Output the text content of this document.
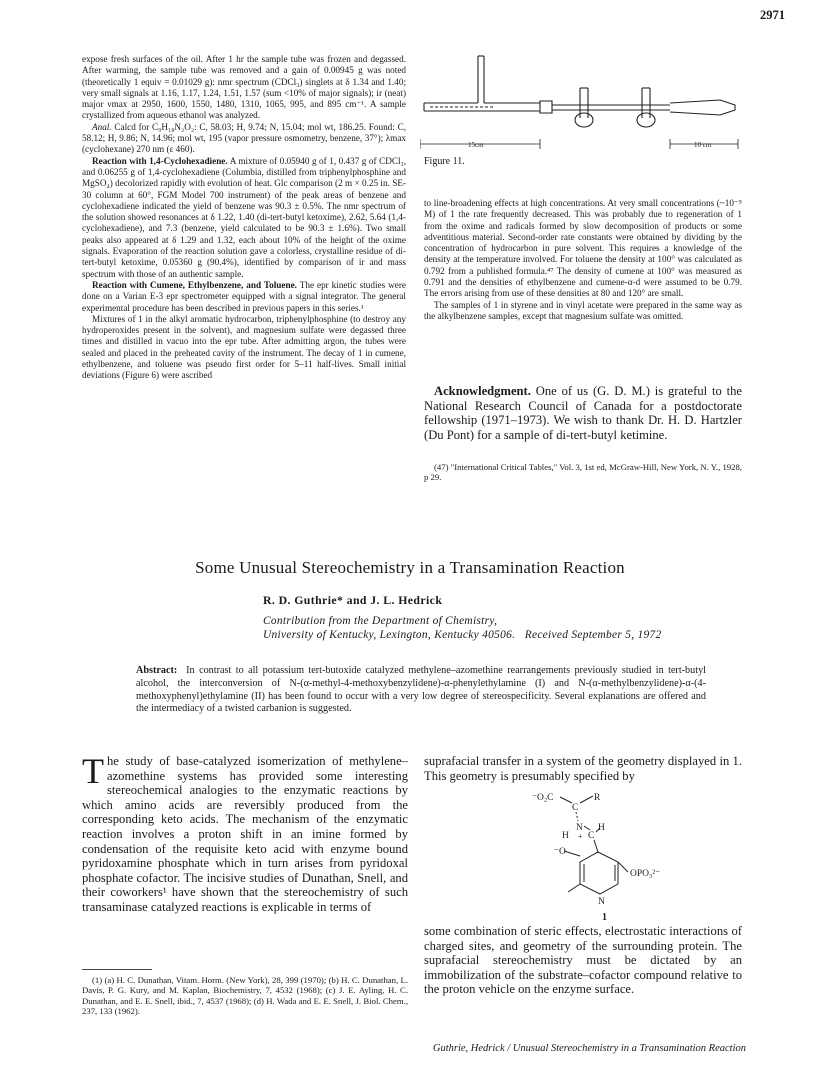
2971

expose fresh surfaces of the oil. After 1 hr the sample tube was frozen and degassed. After warming, the sample tube was removed and a gain of 0.00945 g was noted (theoretically 1 equiv = 0.01029 g): nmr spectrum (CDCl₃) singlets at δ 1.34 and 1.40; very small signals at 1.16, 1.17, 1.24, 1.51, 1.57 (sum <10% of major signals); ir (neat) major νmax at 2950, 1600, 1550, 1480, 1310, 1065, 995, and 895 cm⁻¹. A sample crystallized from aqueous ethanol was analyzed.

Anal. Calcd for C₉H₁₈N₂O₂: C, 58.03; H, 9.74; N, 15.04; mol wt, 186.25. Found: C, 58.12; H, 9.86; N, 14.96; mol wt, 195 (vapor pressure osmometry, benzene, 37°); λmax (cyclohexane) 270 nm (ε 460).

Reaction with 1,4-Cyclohexadiene. A mixture of 0.05940 g of 1, 0.437 g of CDCl₃, and 0.06255 g of 1,4-cyclohexadiene (Columbia, distilled from triphenylphosphine and MgSO₄) decolorized rapidly with evolution of heat. Glc comparison (2 m × 0.25 in. SE-30 column at 60°, FGM Model 700 instrument) of the peak areas of benzene and cyclohexadiene indicated the yield of benzene was 90.3 ± 0.5%. The nmr spectrum of the solution showed resonances at δ 1.22, 1.40 (di-tert-butyl ketoxime), 2.62, 5.64 (1,4-cyclohexadiene), and 7.3 (benzene, yield calculated to be 90.3 ± 1.6%). Two small peaks also appeared at δ 1.29 and 1.32, each about 10% of the height of the oxime signals. Evaporation of the reaction solution gave a colorless, crystalline residue of di-tert-butyl ketoxime, 0.05360 g (90.4%), identified by comparison of ir and mass spectrum with those of an authentic sample.

Reaction with Cumene, Ethylbenzene, and Toluene. The epr kinetic studies were done on a Varian E-3 epr spectrometer equipped with a signal integrator. The general experimental procedure has been described in previous papers in this series.¹

Mixtures of 1 in the alkyl aromatic hydrocarbon, triphenylphosphine (to destroy any hydroperoxides present in the solvent), and magnesium sulfate were degassed three times and distilled in vacuo into the epr tube. After admitting argon, the tubes were sealed and placed in the preheated cavity of the instrument. The decay of 1 in cumene, ethylbenzene, and toluene was pseudo first order for 5–11 half-lives. Small initial deviations (Figure 6) were ascribed

15cm	10 cm
Figure 11.

to line-broadening effects at high concentrations. At very small concentrations (~10⁻⁵ M) of 1 the rate frequently decreased. This was probably due to regeneration of 1 from the oxime and radicals formed by slow decomposition of products or some adventitious material. Second-order rate constants were obtained by dividing by the concentration of hydrocarbon in pure solvent. This requires a knowledge of the density at the temperature involved. For toluene the density at 100° was calculated as 0.792 from a published formula.⁴⁷ The density of cumene at 100° was measured as 0.791 and the densities of ethylbenzene and cumene-α-d were assumed to be 0.79. The errors arising from use of these densities at 80 and 120° are small.

The samples of 1 in styrene and in vinyl acetate were prepared in the same way as the alkylbenzene samples, except that magnesium sulfate was omitted.

Acknowledgment. One of us (G. D. M.) is grateful to the National Research Council of Canada for a postdoctorate fellowship (1971–1973). We wish to thank Dr. H. D. Hartzler (Du Pont) for a sample of di-tert-butyl ketimine.

(47) "International Critical Tables," Vol. 3, 1st ed, McGraw-Hill, New York, N. Y., 1928, p 29.

Some Unusual Stereochemistry in a Transamination Reaction
R. D. Guthrie* and J. L. Hedrick
Contribution from the Department of Chemistry,
University of Kentucky, Lexington, Kentucky 40506. Received September 5, 1972
Abstract: In contrast to all potassium tert-butoxide catalyzed methylene–azomethine rearrangements previously studied in tert-butyl alcohol, the interconversion of N-(α-methyl-4-methoxybenzylidene)-α-phenylethylamine (I) and N-(α-methylbenzylidene)-α-(4-methoxyphenyl)ethylamine (II) has been found to occur with a very low degree of stereospecificity. Several explanations are offered and the intermediacy of a twisted carbanion is suggested.

The study of base-catalyzed isomerization of methylene–azomethine systems has provided some interesting stereochemical analogies to the enzymatic reactions by which amino acids are reversibly produced from the corresponding keto acids. The mechanism of the enzymatic reaction involves a proton shift in an imine formed by condensation of the requisite keto acid with enzyme bound pyridoxamine phosphate which in turn arises from pyridoxal phosphate cofactor. The incisive studies of Dunathan, Snell, and their coworkers¹ have shown that the stereochemistry of such transaminase catalyzed reactions is explicable in terms of

(1) (a) H. C. Dunathan, Vitam. Horm. (New York), 28, 399 (1970); (b) H. C. Dunathan, L. Davis, P. G. Kury, and M. Kaplan, Biochemistry, 7, 4532 (1968); (c) J. E. Ayling, H. C. Dunathan, and E. E. Snell, ibid., 7, 4537 (1968); (d) H. Wada and E. E. Snell, J. Biol. Chem., 237, 133 (1962).

suprafacial transfer in a system of the geometry displayed in 1. This geometry is presumably specified by

⁻O₂C
C
R
N
+
H C
H
⁻O
OPO₃²⁻
N
1

some combination of steric effects, electrostatic interactions of charged sites, and geometry of the surrounding protein. The suprafacial stereochemistry must be dictated by an immobilization of the substrate–cofactor compound relative to the proton vehicle on the enzyme surface.

Guthrie, Hedrick / Unusual Stereochemistry in a Transamination Reaction
